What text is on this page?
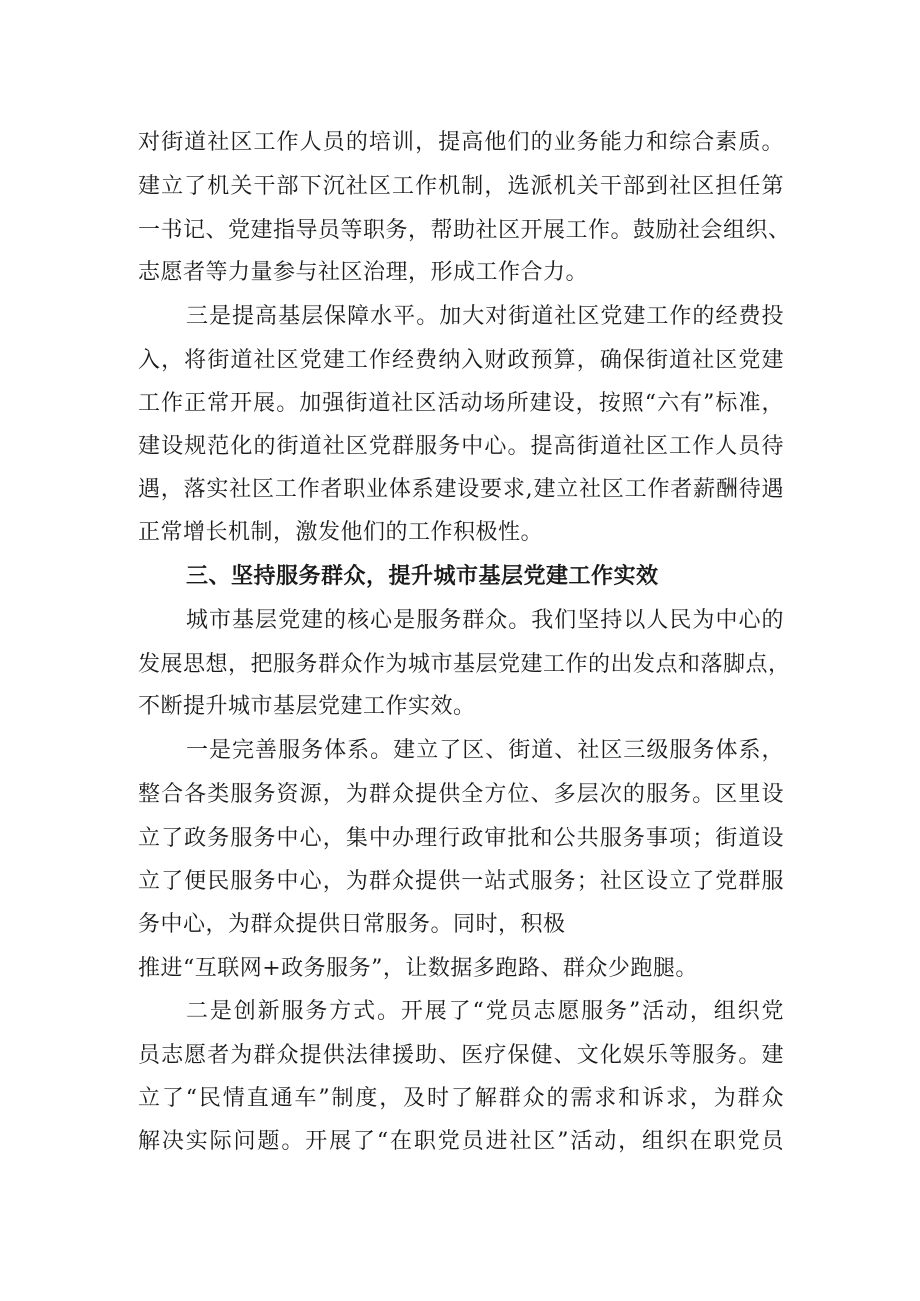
对街道社区工作人员的培训，提高他们的业务能力和综合素质。
建立了机关干部下沉社区工作机制，选派机关干部到社区担任第
一书记、党建指导员等职务，帮助社区开展工作。鼓励社会组织、
志愿者等力量参与社区治理，形成工作合力。
三是提高基层保障水平。加大对街道社区党建工作的经费投
入，将街道社区党建工作经费纳入财政预算，确保街道社区党建
工作正常开展。加强街道社区活动场所建设，按照“六有”标准，
建设规范化的街道社区党群服务中心。提高街道社区工作人员待
遇，落实社区工作者职业体系建设要求,建立社区工作者薪酬待遇
正常增长机制，激发他们的工作积极性。
三、坚持服务群众，提升城市基层党建工作实效
城市基层党建的核心是服务群众。我们坚持以人民为中心的
发展思想，把服务群众作为城市基层党建工作的出发点和落脚点，
不断提升城市基层党建工作实效。
一是完善服务体系。建立了区、街道、社区三级服务体系，
整合各类服务资源，为群众提供全方位、多层次的服务。区里设
立了政务服务中心，集中办理行政审批和公共服务事项；街道设
立了便民服务中心，为群众提供一站式服务；社区设立了党群服
务中心，为群众提供日常服务。同时，积极
推进“互联网+政务服务”，让数据多跑路、群众少跑腿。
二是创新服务方式。开展了“党员志愿服务”活动，组织党
员志愿者为群众提供法律援助、医疗保健、文化娱乐等服务。建
立了“民情直通车”制度，及时了解群众的需求和诉求，为群众
解决实际问题。开展了“在职党员进社区”活动，组织在职党员
